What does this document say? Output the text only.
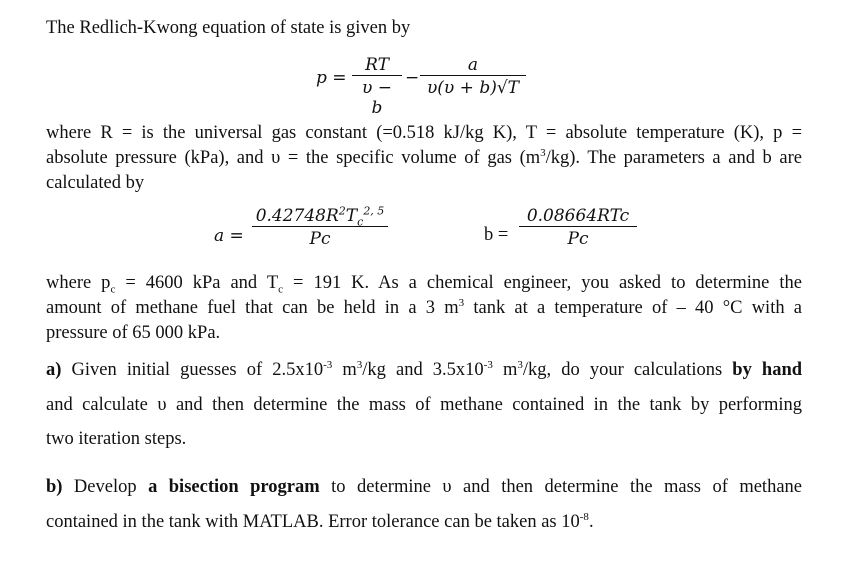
The Redlich-Kwong equation of state is given by
$p = \frac{RT}{\upsilon - b} - \frac{a}{\upsilon(\upsilon + b)√T}$
where R = is the universal gas constant (=0.518 kJ/kg K), T = absolute temperature (K), p =
absolute pressure (kPa), and υ = the specific volume of gas $(m^3/kg)$. The parameters a and b are
calculated by
$a = \frac{0.42748R^2T_c^{2, 5}}{Pc}$	b =
0.08664RTc
Pc
where $p_c = 4600$ kPa and $T_c = 191$ K. As a chemical engineer, you asked to determine the
amount of methane fuel that can be held in a 3 $m^3$ tank at a temperature of – 40 °C with a
pressure of 65 000 kPa.
a) Given initial guesses of $2.5x10^{-3}$ $m^3/kg$ and $3.5x10^{-3}$ $m^3/kg$, do your calculations by hand
and calculate υ and then determine the mass of methane contained in the tank by performing
two iteration steps.
b) Develop a bisection program to determine υ and then determine the mass of methane
contained in the tank with MATLAB. Error tolerance can be taken as $10^{-8}$.
